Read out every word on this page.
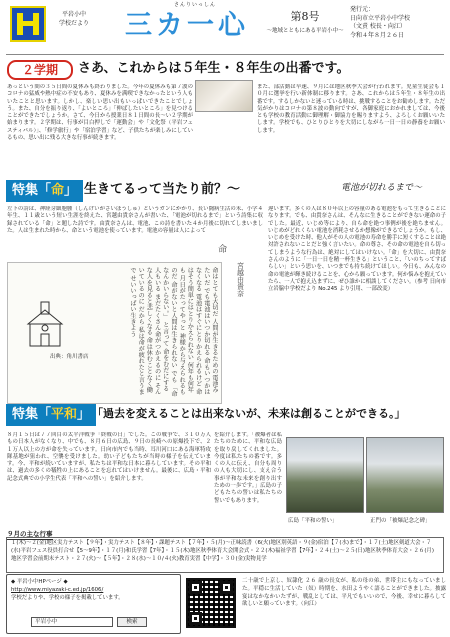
平岩小中
学校だより
さんりいっしん
三カ一心	第8号
～地域とともにある平岩小中～
発行元：
日向市立平岩小中学校
（文責 校長・向江）
令和４年８月２６日
２学期	さあ、これからは５年生・８年生の出番です。
あっという間の３５日間の夏休みも終わりました。今年の夏休みも第７波のコロナの猛威や熱中症の不安もあり、夏休みを满喫できなかったという人もいたことと思います。しかし、楽しい思い出もいっぱいできたことでしょう。また、自分を振り返り、「よいところ」「伸ばしたいところ」を見つけることができたでしょうか。さて、今日から授業日８１日間の長～い２学期が始まります。２学期は、行事が目白押しで「運動会」や「文化祭（平岩フェスティバル）」、「修学旅行」や「宿泊学習」など、子供たちが楽しみにしているもの、思い出に残る大きな行事が続きます。
また、部活動は早速、９月には地区秋季大会が行われます。児童生徒会も１０月に選挙を行い新体制に移ります。さあ、これからは５年生・８年生の出番です。するしかないと迷っている時は、挑戦することをお勧めします。ただ気がかりはコロナの第８波の動向ですが、各御家庭におかれましては、今後とも学校の教育活動に御理解・御協力を賜りますよう、よろしくお願いいたします。学校でも、ひとりひとりを大切にしながら一日一日の静養をお願いします。
特集「命」 生きてるって当たり前？～	電池が切れるまで～
左下の詩は、神経芽細胞腫（しんけいがさいぼうしゅ）というガンにかかり、長い闘病生活の末、小学４年生、１１歳という短い生涯を終えた、宮越由貴奈さんが書いた、「電池が切れるまで」という詩集に収録されている「命」と題した詩です。由貴奈さんは、電池、この詩を書いた４か月後に切れてしまいました。人は生まれた時から、命という電池を使っています。電池の容量は人によって
違います。多くの人は８０年以上の容量のある電池をもって生きることになります。でも、由貴奈さんは、そんなに生きることができない運命の子でした。最近、いじめ等により、自ら命を絶つ事例が後を絶ちません。いじめがどれくらい電池を消耗させるか想像ができるでしょうか。もし、いじめを受けた時、他人がその人の電池の寿命を勝手に短くすることは絶対許されないことだと強く言いたい。命の尊さ、その命の電池を自ら切ってしまうような行為は、絶対にしてはいけない。「命」を大切に、由貴奈さんのように「一日一日を精一杯生きる」ということ、「いのちってすばらしい」という思いを、いつまでも持ち続けてほしい。今日も、みんなの命の電池が輝き続けることを、心から願っています。何か悩みを抱えていたら、一人で抱え込まずに、ぜひ誰かに相談してください。（参考 日向市立岩脇中学校だより No.245 より引用、一部改変）
命はとても大切だ 人間が生きるための電池みたいだ でも電池はいつか切れる 命もいつかはなくなる 電池はすぐにとりかえられるけど 命はそう簡単にはとりかえられない 何年も何年も 月日がたってやっと 神様から与えられるものだ 命がないと人間は生きられない でも 「命なんかいらない。」 と言って 命をむだにする人もいる まだたくさん命がつかえるのに そんな人を見ると悲しくなる 命は休むことなく働いているのに だから 私は命が疲れたと言うまで せいいっぱい生きよう
出典：角川書店
命
宮越由貴奈
特集「平和」 「過去を変えることは出来ないが、未来は創ることができる。」
８月１５日は７７回目の太平洋戦争「終戦の日」でした。この戦争で、３１０万人もの日本人がなくなり、中でも、８月６日の広島、９日の長崎への原爆投下で、２１万人以上の方が命を失っています。日向市内でも当時、耳川河口にある海軍特攻隊基地が狙われ、空襲を受けました。幼い子どもたちが当時の様子を伝えています。今、平和が続いていますが、私たちは平和な日本に暮らしています。その平和は、過去の多くの犠牲の上にあることを忘れてはいけません。最後に、広島・平和記念式典での小学生代表「平和への誓い」を紹介します。
を紹介します。「被爆者は私たちのために、平和な広島を取り戻してくれました。今度は私たちの番です。多くの人に伝え、自分も周りの人も大切にし、支え合う事が平和な未来を創り出すための一歩です。」広島の子どもたちの誓いは私たちの誓いでもあります。
広島「平和の誓い」	正門の「被爆記念之碑」
９月の主な行事
１(木)～２(金)地区実力テスト【９年】・実力テスト【８年】・課題テスト【７年】・５(月)～正味読書（6(火)地区別英語・９(金)宿泊【７(水)まで】・１７(土)地区剣道大会・７(水)平岩フェス役員打合せ【5～9年】・１７(月)和氏学習【7年】・１５(木)地区秋季体育大会開会式・２２(木)福祉学習【7年】・２４(土)～２５(日)地区秋季体育大会・２６(月)地区学習会前期末テスト・２７(火)～【５年】・２８(水)～１０/４(火)教育実習【中学】・３０(金)実物見学
◆ 平岩小中HPページ ◆
http://www.miyazaki-c.ed.jp/1606/
学校だよりや、学校の様子を掲載しています。
平岩小中	検索
二十歳で上京し、奴隷化 ２６ 歳の長女が、私の母の弟、世帯主にもなっていました。平穏に生活していた（奴）時期を、水田ようやく語ることができました。披露宴はなかなかいたずが、戦乱としては、平凡でもいいので、今後、幸せに暮らして欲しいと願っています。（向江）
